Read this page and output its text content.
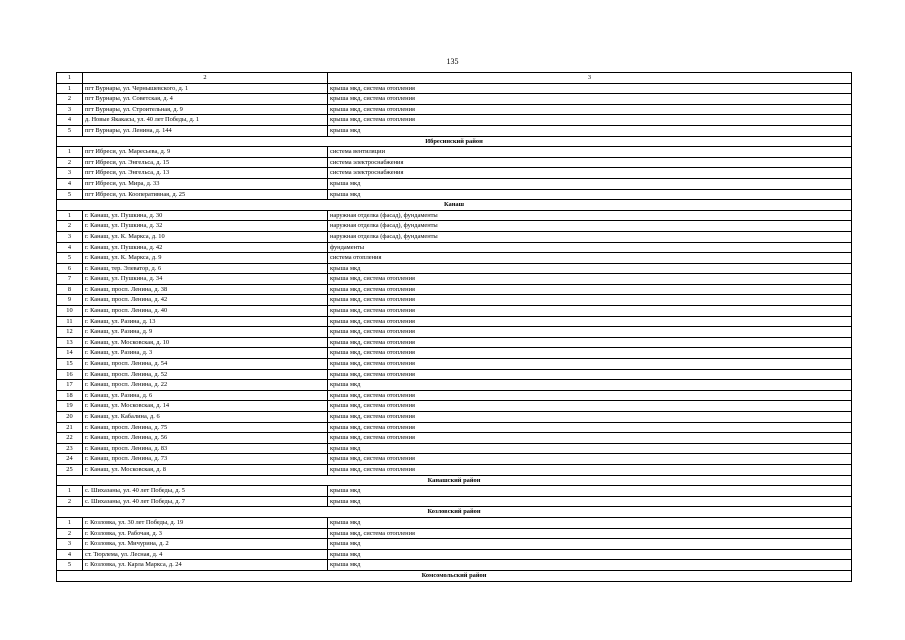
135
1	2	3
1	пгт Вурнары, ул. Чернышевского, д. 1	крыша мкд, система отопления
2	пгт Вурнары, ул. Советская, д. 4	крыша мкд, система отопления
3	пгт Вурнары, ул. Строительная, д. 9	крыша мкд, система отопления
4	д. Новые Якакасы, ул. 40 лет Победы, д. 1	крыша мкд, система отопления
5	пгт Вурнары, ул. Ленина, д. 144	крыша мкд
Ибресинский район		
1	пгт Ибреси, ул. Маресьева, д. 9	система вентиляции
2	пгт Ибреси, ул. Энгельса, д. 15	система электроснабжения
3	пгт Ибреси, ул. Энгельса, д. 13	система электроснабжения
4	пгт Ибреси, ул. Мира, д. 33	крыша мкд
5	пгт Ибреси, ул. Кооперативная, д. 25	крыша мкд
Канаш		
1	г. Канаш, ул. Пушкина, д. 30	наружная отделка (фасад), фундаменты
2	г. Канаш, ул. Пушкина, д. 32	наружная отделка (фасад), фундаменты
3	г. Канаш, ул. К. Маркса, д. 10	наружная отделка (фасад), фундаменты
4	г. Канаш, ул. Пушкина, д. 42	фундаменты
5	г. Канаш, ул. К. Маркса, д. 9	система отопления
6	г. Канаш, тер. Элеватор, д. 6	крыша мкд
7	г. Канаш, ул. Пушкина, д. 34	крыша мкд, система отопления
8	г. Канаш, просп. Ленина, д. 38	крыша мкд, система отопления
9	г. Канаш, просп. Ленина, д. 42	крыша мкд, система отопления
10	г. Канаш, просп. Ленина, д. 40	крыша мкд, система отопления
11	г. Канаш, ул. Разина, д. 13	крыша мкд, система отопления
12	г. Канаш, ул. Разина, д. 9	крыша мкд, система отопления
13	г. Канаш, ул. Московская, д. 10	крыша мкд, система отопления
14	г. Канаш, ул. Разина, д. 3	крыша мкд, система отопления
15	г. Канаш, просп. Ленина, д. 54	крыша мкд, система отопления
16	г. Канаш, просп. Ленина, д. 52	крыша мкд, система отопления
17	г. Канаш, просп. Ленина, д. 22	крыша мкд
18	г. Канаш, ул. Разина, д. 6	крыша мкд, система отопления
19	г. Канаш, ул. Московская, д. 14	крыша мкд, система отопления
20	г. Канаш, ул. Кабалина, д. 6	крыша мкд, система отопления
21	г. Канаш, просп. Ленина, д. 75	крыша мкд, система отопления
22	г. Канаш, просп. Ленина, д. 56	крыша мкд, система отопления
23	г. Канаш, просп. Ленина, д. 83	крыша мкд
24	г. Канаш, просп. Ленина, д. 73	крыша мкд, система отопления
25	г. Канаш, ул. Московская, д. 8	крыша мкд, система отопления
Канашский район		
1	с. Шихазаны, ул. 40 лет Победы, д. 5	крыша мкд
2	с. Шихазаны, ул. 40 лет Победы, д. 7	крыша мкд
Козловский район		
1	г. Козловка, ул. 30 лет Победы, д. 19	крыша мкд
2	г. Козловка, ул. Рабочая, д. 3	крыша мкд, система отопления
3	г. Козловка, ул. Мичурина, д. 2	крыша мкд
4	ст. Тюрлема, ул. Лесная, д. 4	крыша мкд
5	г. Козловка, ул. Карла Маркса, д. 24	крыша мкд
Комсомольский район		
